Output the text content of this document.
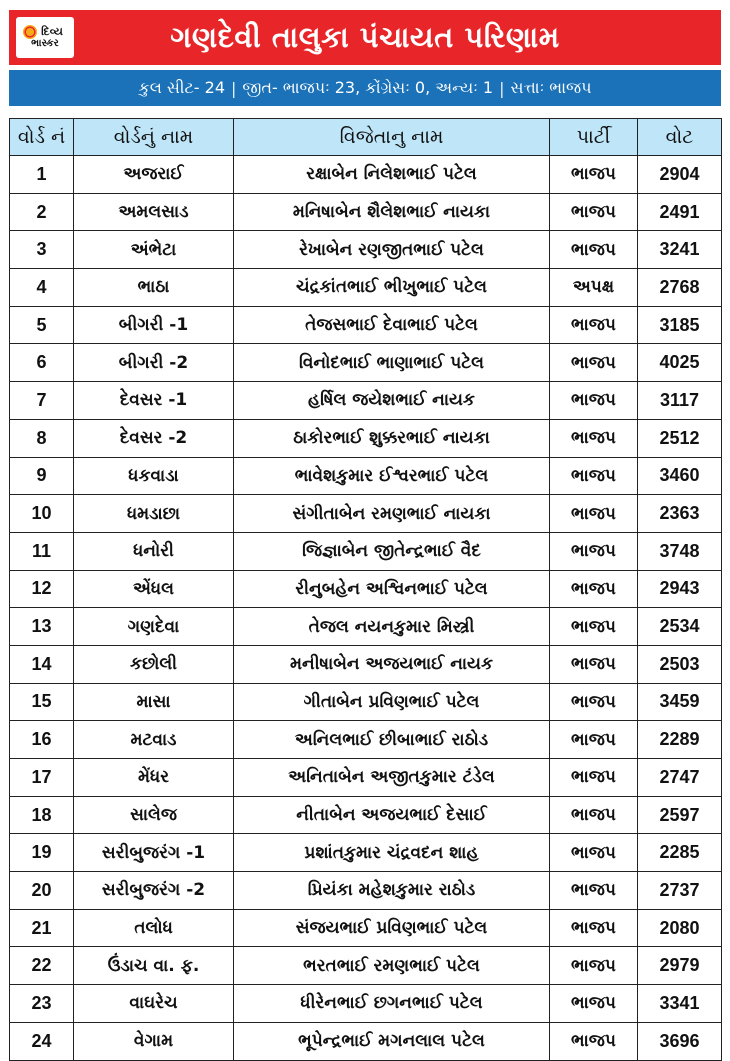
દિવ્ય
ભાસ્કર	ગણદેવી તાલુકા પંચાયત પરિણામ
કુલ સીટ- 24 | જીત- ભાજપઃ 23, કોંગ્રેસઃ 0, અન્યઃ 1 | સત્તાઃ ભાજપ
વોર્ડ નં	વોર્ડનું નામ	વિજેતાનુ નામ	પાર્ટી	વોટ
1	અજરાઈ	રક્ષાબેન નિલેશભાઈ પટેલ	ભાજપ	2904
2	અમલસાડ	મનિષાબેન શૈલેશભાઈ નાયકા	ભાજપ	2491
3	અંભેટા	રેખાબેન રણજીતભાઈ પટેલ	ભાજપ	3241
4	ભાઠા	ચંદ્રકાંતભાઈ ભીખુભાઈ પટેલ	અપક્ષ	2768
5	બીગરી -1	તેજસભાઈ દેવાભાઈ પટેલ	ભાજપ	3185
6	બીગરી -2	વિનોદભાઈ ભાણાભાઈ પટેલ	ભાજપ	4025
7	દેવસર -1	હર્ષિલ જયેશભાઈ નાયક	ભાજપ	3117
8	દેવસર -2	ઠાકોરભાઈ શુક્કરભાઈ નાયકા	ભાજપ	2512
9	ધકવાડા	ભાવેશકુમાર ઈશ્વરભાઈ પટેલ	ભાજપ	3460
10	ધમડાછા	સંગીતાબેન રમણભાઈ નાયકા	ભાજપ	2363
11	ધનોરી	જિજ્ઞાબેન જીતેન્દ્રભાઈ વૈદ	ભાજપ	3748
12	એંધલ	રીનુબહેન અશ્વિનભાઈ પટેલ	ભાજપ	2943
13	ગણદેવા	તેજલ નયનકુમાર મિસ્ત્રી	ભાજપ	2534
14	કછોલી	મનીષાબેન અજયભાઈ નાયક	ભાજપ	2503
15	માસા	ગીતાબેન પ્રવિણભાઈ પટેલ	ભાજપ	3459
16	મટવાડ	અનિલભાઈ છીબાભાઈ રાઠોડ	ભાજપ	2289
17	મેંધર	અનિતાબેન અજીતકુમાર ટંડેલ	ભાજપ	2747
18	સાલેજ	નીતાબેન અજયભાઈ દેસાઈ	ભાજપ	2597
19	સરીબુજરંગ -1	પ્રશાંતકુમાર ચંદ્રવદન શાહ	ભાજપ	2285
20	સરીબુજરંગ -2	પ્રિયંકા મહેશકુમાર રાઠોડ	ભાજપ	2737
21	તલોધ	સંજયભાઈ પ્રવિણભાઈ પટેલ	ભાજપ	2080
22	ઉંડાચ વા. ફ.	ભરતભાઈ રમણભાઈ પટેલ	ભાજપ	2979
23	વાઘરેચ	ધીરેનભાઈ છગનભાઈ પટેલ	ભાજપ	3341
24	વેગામ	ભૂપેન્દ્રભાઈ મગનલાલ પટેલ	ભાજપ	3696
